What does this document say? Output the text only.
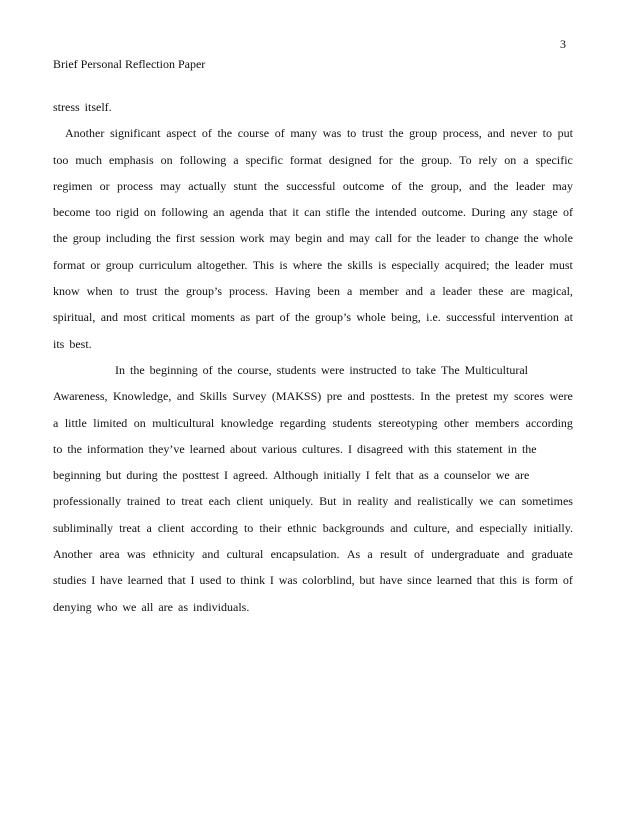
3
Brief Personal Reflection Paper
stress itself.
Another significant aspect of the course of many was to trust the group process, and never to put
too much emphasis on following a specific format designed for the group. To rely on a specific
regimen or process may actually stunt the successful outcome of the group, and the leader may
become too rigid on following an agenda that it can stifle the intended outcome. During any stage of
the group including the first session work may begin and may call for the leader to change the whole
format or group curriculum altogether. This is where the skills is especially acquired; the leader must
know when to trust the group’s process. Having been a member and a leader these are magical,
spiritual, and most critical moments as part of the group’s whole being, i.e. successful intervention at
its best.
In the beginning of the course, students were instructed to take The Multicultural
Awareness, Knowledge, and Skills Survey (MAKSS) pre and posttests. In the pretest my scores were
a little limited on multicultural knowledge regarding students stereotyping other members according
to the information they’ve learned about various cultures. I disagreed with this statement in the
beginning but during the posttest I agreed. Although initially I felt that as a counselor we are
professionally trained to treat each client uniquely. But in reality and realistically we can sometimes
subliminally treat a client according to their ethnic backgrounds and culture, and especially initially.
Another area was ethnicity and cultural encapsulation. As a result of undergraduate and graduate
studies I have learned that I used to think I was colorblind, but have since learned that this is form of
denying who we all are as individuals.
